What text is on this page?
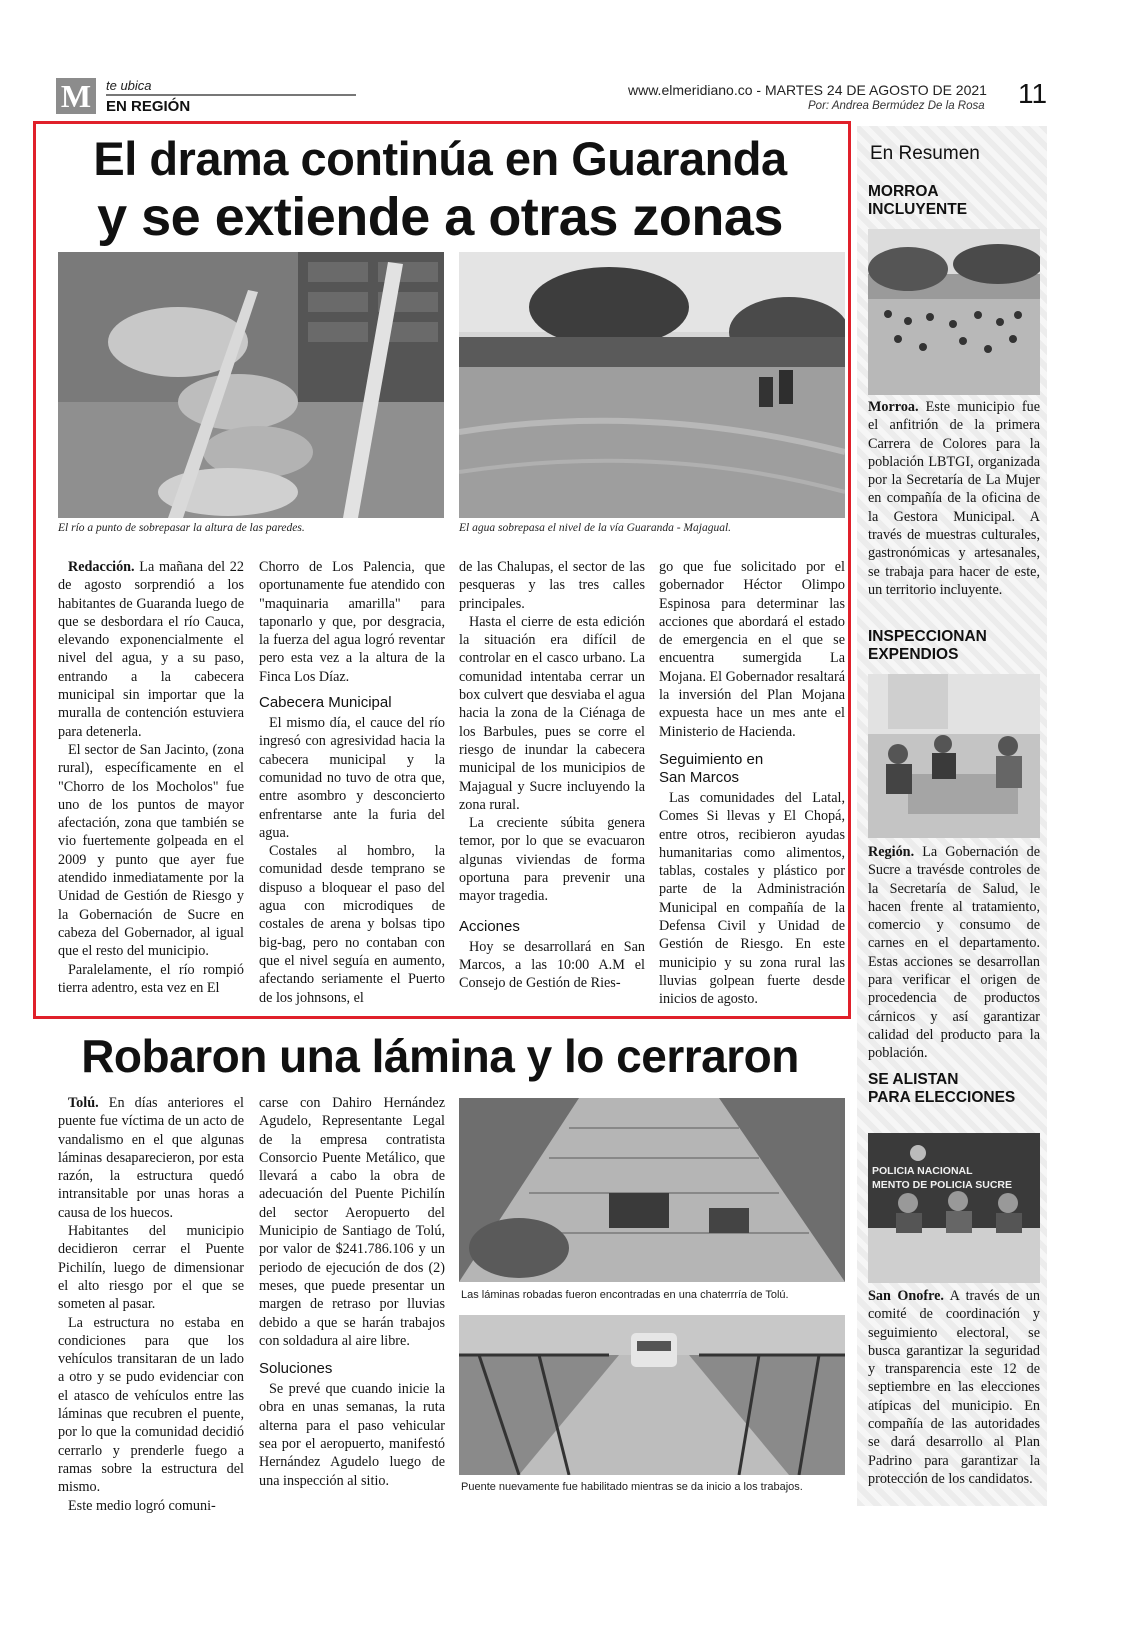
M	te ubica
EN REGIÓN
www.elmeridiano.co - MARTES 24 DE AGOSTO DE 2021
Por: Andrea Bermúdez De la Rosa 11
El drama continúa en Guaranda
y se extiende a otras zonas
El río a punto de sobrepasar la altura de las paredes.	El agua sobrepasa el nivel de la vía Guaranda - Majagual.

Redacción. La mañana del 22 de agosto sorprendió a los habitantes de Guaranda luego de que se desbordara el río Cauca, elevando exponencialmente el nivel del agua, y a su paso, entrando a la cabecera municipal sin importar que la muralla de contención estuviera para detenerla.

El sector de San Jacinto, (zona rural), específicamente en el "Chorro de los Mocholos" fue uno de los puntos de mayor afectación, zona que también se vio fuertemente golpeada en el 2009 y punto que ayer fue atendido inmediatamente por la Unidad de Gestión de Riesgo y la Gobernación de Sucre en cabeza del Gobernador, al igual que el resto del municipio.

Paralelamente, el río rompió tierra adentro, esta vez en El

Chorro de Los Palencia, que oportunamente fue atendido con "maquinaria amarilla" para taponarlo y que, por desgracia, la fuerza del agua logró reventar pero esta vez a la altura de la Finca Los Díaz.

Cabecera Municipal

El mismo día, el cauce del río ingresó con agresividad hacia la cabecera municipal y la comunidad no tuvo de otra que, entre asombro y desconcierto enfrentarse ante la furia del agua.

Costales al hombro, la comunidad desde temprano se dispuso a bloquear el paso del agua con microdiques de costales de arena y bolsas tipo big-bag, pero no contaban con que el nivel seguía en aumento, afectando seriamente el Puerto de los johnsons, el

de las Chalupas, el sector de las pesqueras y las tres calles principales.

Hasta el cierre de esta edición la situación era difícil de controlar en el casco urbano. La comunidad intentaba cerrar un box culvert que desviaba el agua hacia la zona de la Ciénaga de los Barbules, pues se corre el riesgo de inundar la cabecera municipal de los municipios de Majagual y Sucre incluyendo la zona rural.

La creciente súbita genera temor, por lo que se evacuaron algunas viviendas de forma oportuna para prevenir una mayor tragedia.

Acciones

Hoy se desarrollará en San Marcos, a las 10:00 A.M el Consejo de Gestión de Ries-

go que fue solicitado por el gobernador Héctor Olimpo Espinosa para determinar las acciones que abordará el estado de emergencia en el que se encuentra sumergida La Mojana. El Gobernador resaltará la inversión del Plan Mojana expuesta hace un mes ante el Ministerio de Hacienda.

Seguimiento en
San Marcos

Las comunidades del Latal, Comes Si llevas y El Chopá, entre otros, recibieron ayudas humanitarias como alimentos, tablas, costales y plástico por parte de la Administración Municipal en compañía de la Defensa Civil y Unidad de Gestión de Riesgo. En este municipio y su zona rural las lluvias golpean fuerte desde inicios de agosto.

Robaron una lámina y lo cerraron

Tolú. En días anteriores el puente fue víctima de un acto de vandalismo en el que algunas láminas desaparecieron, por esta razón, la estructura quedó intransitable por unas horas a causa de los huecos.

Habitantes del municipio decidieron cerrar el Puente Pichilín, luego de dimensionar el alto riesgo por el que se someten al pasar.

La estructura no estaba en condiciones para que los vehículos transitaran de un lado a otro y se pudo evidenciar con el atasco de vehículos entre las láminas que recubren el puente, por lo que la comunidad decidió cerrarlo y prenderle fuego a ramas sobre la estructura del mismo.

Este medio logró comuni-

carse con Dahiro Hernández Agudelo, Representante Legal de la empresa contratista Consorcio Puente Metálico, que llevará a cabo la obra de adecuación del Puente Pichilín del sector Aeropuerto del Municipio de Santiago de Tolú, por valor de $241.786.106 y un periodo de ejecución de dos (2) meses, que puede presentar un margen de retraso por lluvias debido a que se harán trabajos con soldadura al aire libre.

Soluciones

Se prevé que cuando inicie la obra en unas semanas, la ruta alterna para el paso vehicular sea por el aeropuerto, manifestó Hernández Agudelo luego de una inspección al sitio.

Las láminas robadas fueron encontradas en una chaterrría de Tolú.
Puente nuevamente fue habilitado mientras se da inicio a los trabajos.
En Resumen
MORROA
INCLUYENTE
Morroa. Este municipio fue el anfitrión de la primera Carrera de Colores para la población LBTGI, organizada por la Secretaría de La Mujer en compañía de la oficina de la Gestora Municipal. A través de muestras culturales, gastronómicas y artesanales, se trabaja para hacer de este, un territorio incluyente.
INSPECCIONAN
EXPENDIOS
Región. La Gobernación de Sucre a travésde controles de la Secretaría de Salud, le hacen frente al tratamiento, comercio y consumo de carnes en el departamento. Estas acciones se desarrollan para verificar el origen de procedencia de productos cárnicos y así garantizar calidad del producto para la población.
SE ALISTAN
PARA ELECCIONES
POLICIA NACIONAL
MENTO DE POLICIA SUCRE
San Onofre. A través de un comité de coordinación y seguimiento electoral, se busca garantizar la seguridad y transparencia este 12 de septiembre en las elecciones atípicas del municipio. En compañía de las autoridades se dará desarrollo al Plan Padrino para garantizar la protección de los candidatos.
